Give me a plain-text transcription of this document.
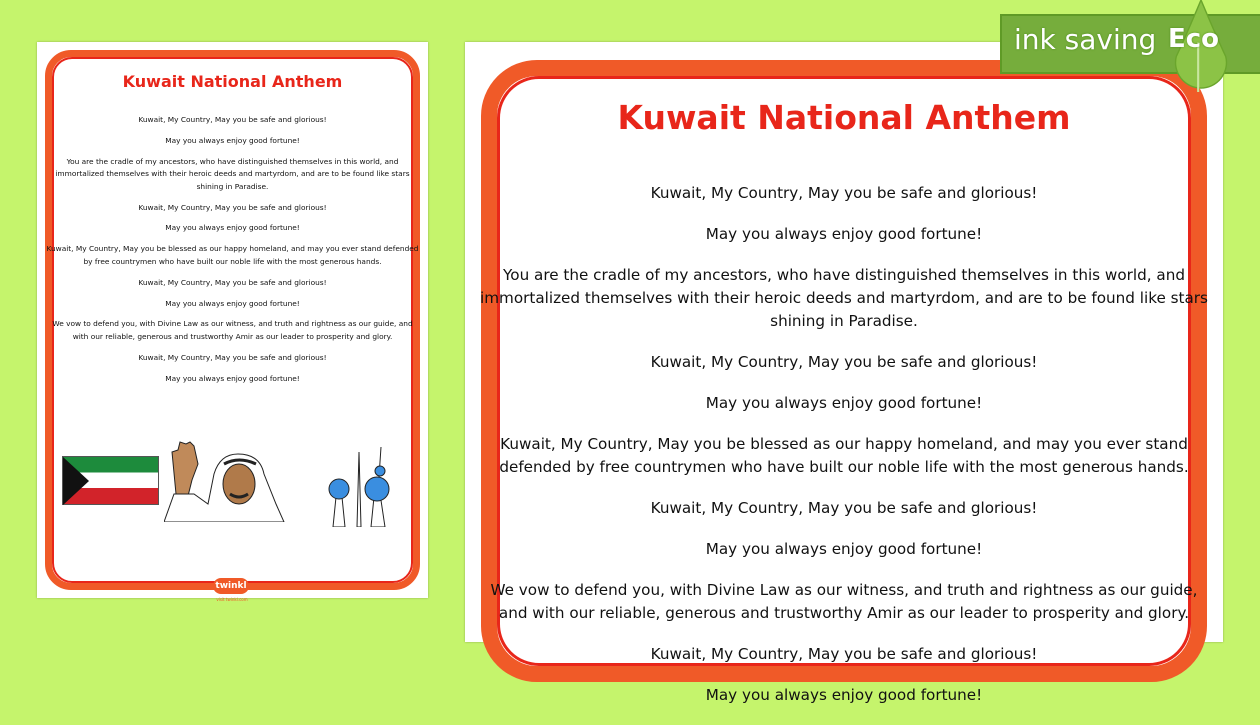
Kuwait National Anthem

Kuwait, My Country, May you be safe and glorious!

May you always enjoy good fortune!

You are the cradle of my ancestors, who have distinguished themselves in this world, and immortalized themselves with their heroic deeds and martyrdom, and are to be found like stars shining in Paradise.

Kuwait, My Country, May you be safe and glorious!

May you always enjoy good fortune!

Kuwait, My Country, May you be blessed as our happy homeland, and may you ever stand defended by free countrymen who have built our noble life with the most generous hands.

Kuwait, My Country, May you be safe and glorious!

May you always enjoy good fortune!

We vow to defend you, with Divine Law as our witness, and truth and rightness as our guide, and with our reliable, generous and trustworthy Amir as our leader to prosperity and glory.

Kuwait, My Country, May you be safe and glorious!

May you always enjoy good fortune!

twinkl
visit twinkl.com
Kuwait National Anthem

Kuwait, My Country, May you be safe and glorious!

May you always enjoy good fortune!

You are the cradle of my ancestors, who have distinguished themselves in this world, and immortalized themselves with their heroic deeds and martyrdom, and are to be found like stars shining in Paradise.

Kuwait, My Country, May you be safe and glorious!

May you always enjoy good fortune!

Kuwait, My Country, May you be blessed as our happy homeland, and may you ever stand defended by free countrymen who have built our noble life with the most generous hands.

Kuwait, My Country, May you be safe and glorious!

May you always enjoy good fortune!

We vow to defend you, with Divine Law as our witness, and truth and rightness as our guide, and with our reliable, generous and trustworthy Amir as our leader to prosperity and glory.

Kuwait, My Country, May you be safe and glorious!

May you always enjoy good fortune!

ink saving Eco
